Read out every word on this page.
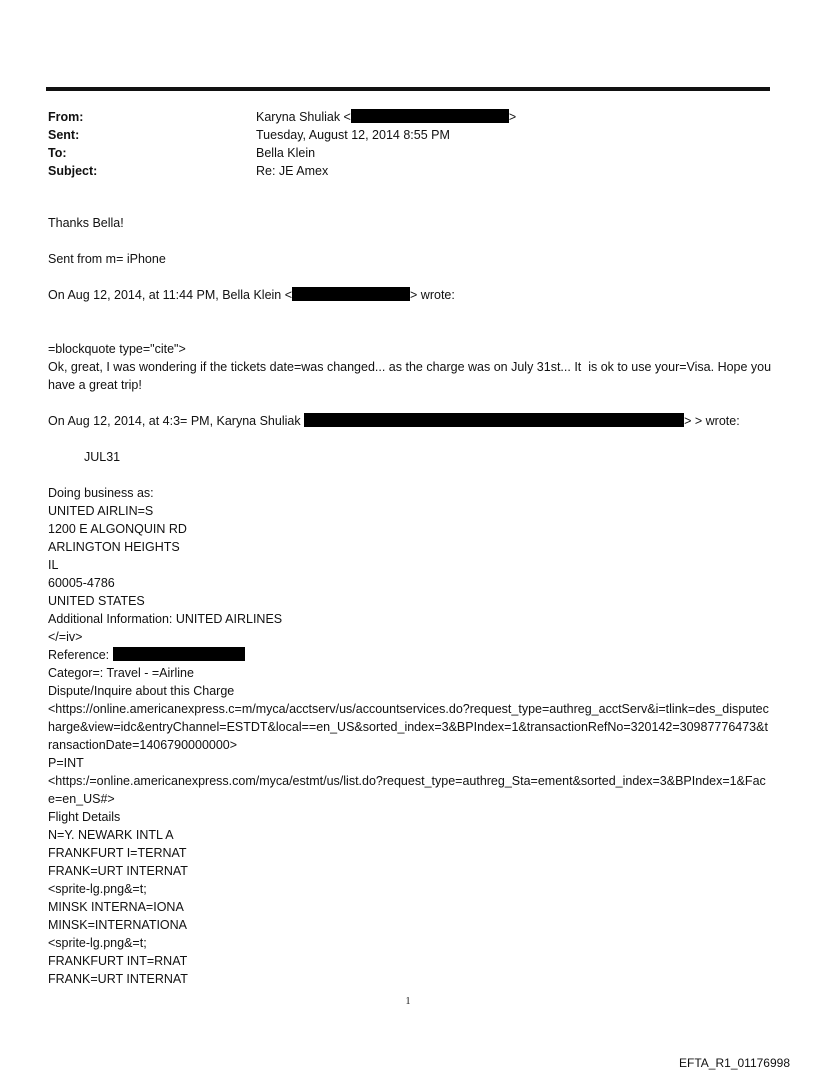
From:	Karyna Shuliak <	>
Sent:	Tuesday, August 12, 2014 8:55 PM
To:	Bella Klein
Subject:	Re: JE Amex

Thanks Bella!

Sent from m= iPhone

On Aug 12, 2014, at 11:44 PM, Bella Klein <	> wrote:

=blockquote type="cite">

Ok, great, I was wondering if the tickets date=was changed... as the charge was on July 31st... It  is ok to use your=Visa. Hope you have a great trip!

On Aug 12, 2014, at 4:3= PM, Karyna Shuliak	> > wrote:

JUL31

Doing business as:

UNITED AIRLIN=S

1200 E ALGONQUIN RD

ARLINGTON HEIGHTS

IL

60005-4786

UNITED STATES

Additional Information: UNITED AIRLINES

</=iv>

Reference:

Categor=: Travel - =Airline

Dispute/Inquire about this Charge

<https://online.americanexpress.c=m/myca/acctserv/us/accountservices.do?request_type=authreg_acctServ&i=tlink=des_disputecharge&view=idc&entryChannel=ESTDT&local==en_US&sorted_index=3&BPIndex=1&transactionRefNo=320142=30987776473&transactionDate=1406790000000>

P=INT

<https:/=online.americanexpress.com/myca/estmt/us/list.do?request_type=authreg_Sta=ement&sorted_index=3&BPIndex=1&Face=en_US#>

Flight Details

N=Y. NEWARK INTL A

FRANKFURT I=TERNAT

FRANK=URT INTERNAT

<sprite-lg.png&=t;

MINSK INTERNA=IONA

MINSK=INTERNATIONA

<sprite-lg.png&=t;

FRANKFURT INT=RNAT

FRANK=URT INTERNAT

1
EFTA_R1_01176998
